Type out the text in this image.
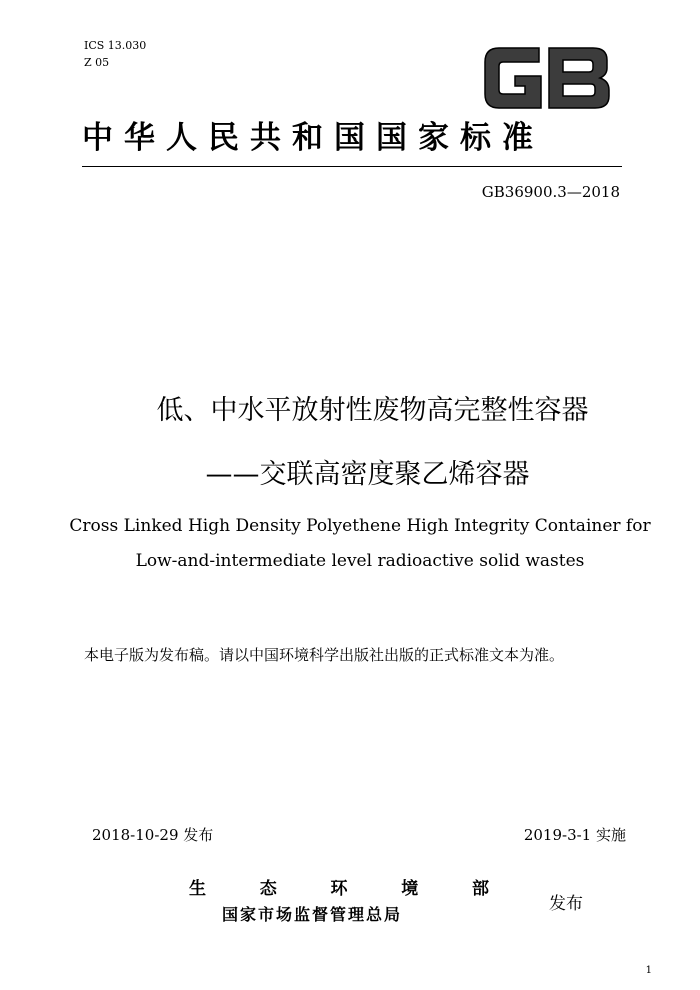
ICS 13.030
Z 05
中华人民共和国国家标准
GB36900.3—2018
低、中水平放射性废物高完整性容器
——交联高密度聚乙烯容器
Cross Linked High Density Polyethene High Integrity Container for
Low-and-intermediate level radioactive solid wastes
本电子版为发布稿。请以中国环境科学出版社出版的正式标准文本为准。
2018-10-29 发布	2019-3-1 实施
生	态	环	境	部
国家市场监督管理总局
发布
1
